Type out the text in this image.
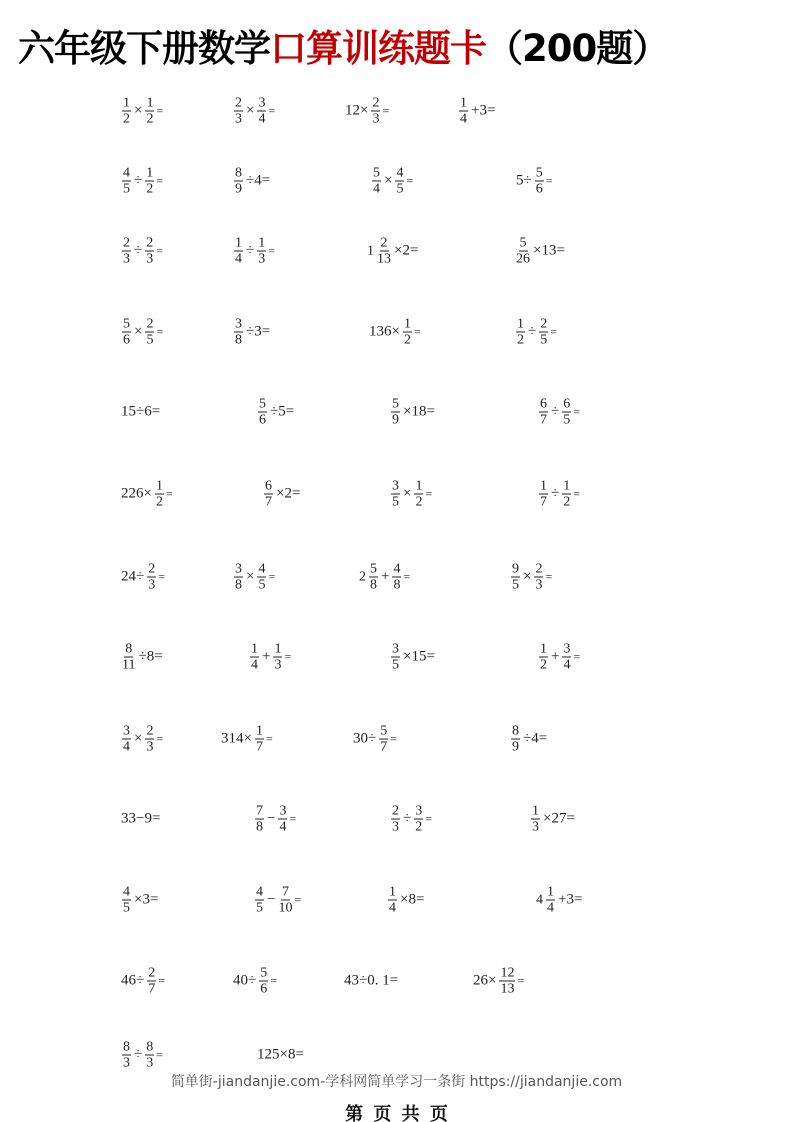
六年级下册数学口算训练题卡（200题）
$\frac{1}{2} \times \frac{1}{2}$ =	$\frac{2}{3} \times \frac{3}{4}$ =	$12\times \frac{2}{3}$ =	$\frac{1}{4} +3=$
$\frac{4}{5} \div \frac{1}{2}$ =	$\frac{8}{9} \div 4=$	$\frac{5}{4} \times \frac{4}{5}$ =	$5\div \frac{5}{6}$ =
$\frac{2}{3} \div \frac{2}{3}$ =	$\frac{1}{4} \div \frac{1}{3}$ =	$1 \frac{2}{13} \times 2=$	$\frac{5}{26} \times 13=$
$\frac{5}{6} \times \frac{2}{5}$ =	$\frac{3}{8} \div 3=$	$136\times \frac{1}{2}$ =	$\frac{1}{2} \div \frac{2}{5}$ =
15÷6=	$\frac{5}{6} \div 5=$	$\frac{5}{9} \times 18=$	$\frac{6}{7} \div \frac{6}{5}$ =
$226\times \frac{1}{2}$ =	$\frac{6}{7} \times 2=$	$\frac{3}{5} \times \frac{1}{2}$ =	$\frac{1}{7} \div \frac{1}{2}$ =
$24\div \frac{2}{3}$ =	$\frac{3}{8} \times \frac{4}{5}$ =	$2 \frac{5}{8} + \frac{4}{8}$ =	$\frac{9}{5} \times \frac{2}{3}$ =
$\frac{8}{11} \div 8=$	$\frac{1}{4} + \frac{1}{3}$ =	$\frac{3}{5} \times 15=$	$\frac{1}{2} + \frac{3}{4}$ =
$\frac{3}{4} \times \frac{2}{3}$ =	$314\times \frac{1}{7}$ =	$30\div \frac{5}{7}$ =	$\frac{8}{9} \div 4=$
33−9=	$\frac{7}{8} - \frac{3}{4}$ =	$\frac{2}{3} \div \frac{3}{2}$ =	$\frac{1}{3} \times 27=$
$\frac{4}{5} \times 3=$	$\frac{4}{5} - \frac{7}{10}$ =	$\frac{1}{4} \times 8=$	$4 \frac{1}{4} +3=$
$46\div \frac{2}{7}$ =	$40\div \frac{5}{6}$ =	43÷0. 1=	$26\times \frac{12}{13}$ =
$\frac{8}{3} \div \frac{8}{3}$ =	125×8=
简单街-jiandanjie.com-学科网简单学习一条街 https://jiandanjie.com
第 页 共 页
